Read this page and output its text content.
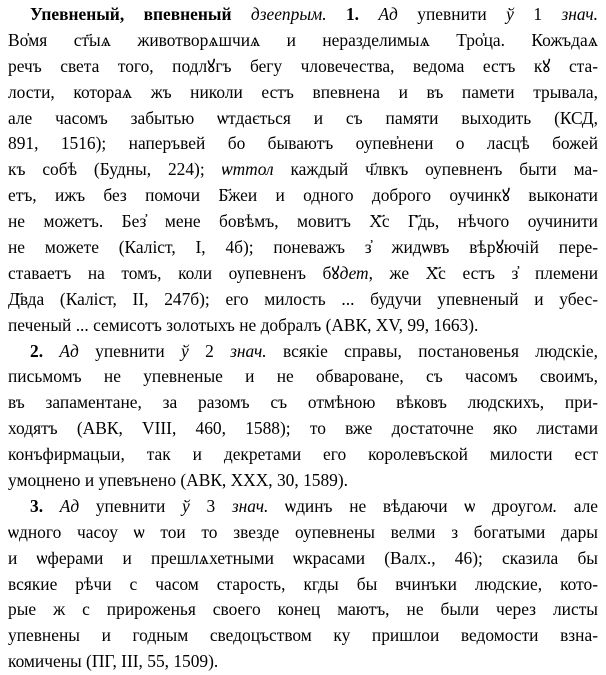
Упевненый, впевненый дзеепрым. 1. Ад упевнити ў 1 знач.
Во҆мя ст҃ыѧ животворѧшчиѧ и неразделимыѧ Тро҆ца. Кожъдаѧ
речъ света того, подлꙋгъ бегу чловечества, ведома естъ кꙋ ста-
лости, котораѧ жъ николи естъ впевнена и въ памети трывала,
але часомъ забытью ѡтдається и съ памяти выходить (КСД,
891, 1516); наперъвей бо бываютъ оупев҆нени о ласцѣ божей
къ собѣ (Будны, 224); ѡттол каждый ч҃лвкъ оупевненъ быти ма-
етъ, ижъ без помочи Б҃жеи и одного доброго оучинкꙋ выконати
не можетъ. Без҆ мене бовѣмъ, мовитъ Х҃с Г҃дь, нѣчого оучинити
не можете (Калiст, I, 4б); поневажъ з҆ жидѡвъ вѣрꙋючій пере-
ставаетъ на томъ, коли оупевненъ бꙋдет, же Х҃с естъ з҆ племени
Д҃вда (Калiст, II, 247б); его милость ... будучи упевненый и убес-
печеный ... семисотъ золотыхъ не добралъ (АВК, XV, 99, 1663).
2. Ад упевнити ў 2 знач. всякіе справы, постановенья людскіе,
письмомъ не упевненые и не обвароване, съ часомъ своимъ,
въ запаментане, за разомъ съ отмѣною вѣковъ людскихъ, при-
ходятъ (АВК, VIII, 460, 1588); то вже достаточне яко листами
конъфирмацыи, так и декретами его королевъской милости ест
умоцнено и упевънено (АВК, XXX, 30, 1589).
3. Ад упевнити ў 3 знач. ѡдинъ не вѣдаючи ѡ дроугом. але
ѡдного часоу ѡ тои то звезде оупевнены велми з богатыми дары
и ѡферами и прешлѧхетными ѡкрасами (Валх., 46); сказила бы
всякие рѣчи с часом старость, кгды бы вчинъки людские, кото-
рые ж с прироженья своего конец маютъ, не были через листы
упевнены и годным сведоцъством ку пришлои ведомости взна-
комичены (ПГ, III, 55, 1509).
